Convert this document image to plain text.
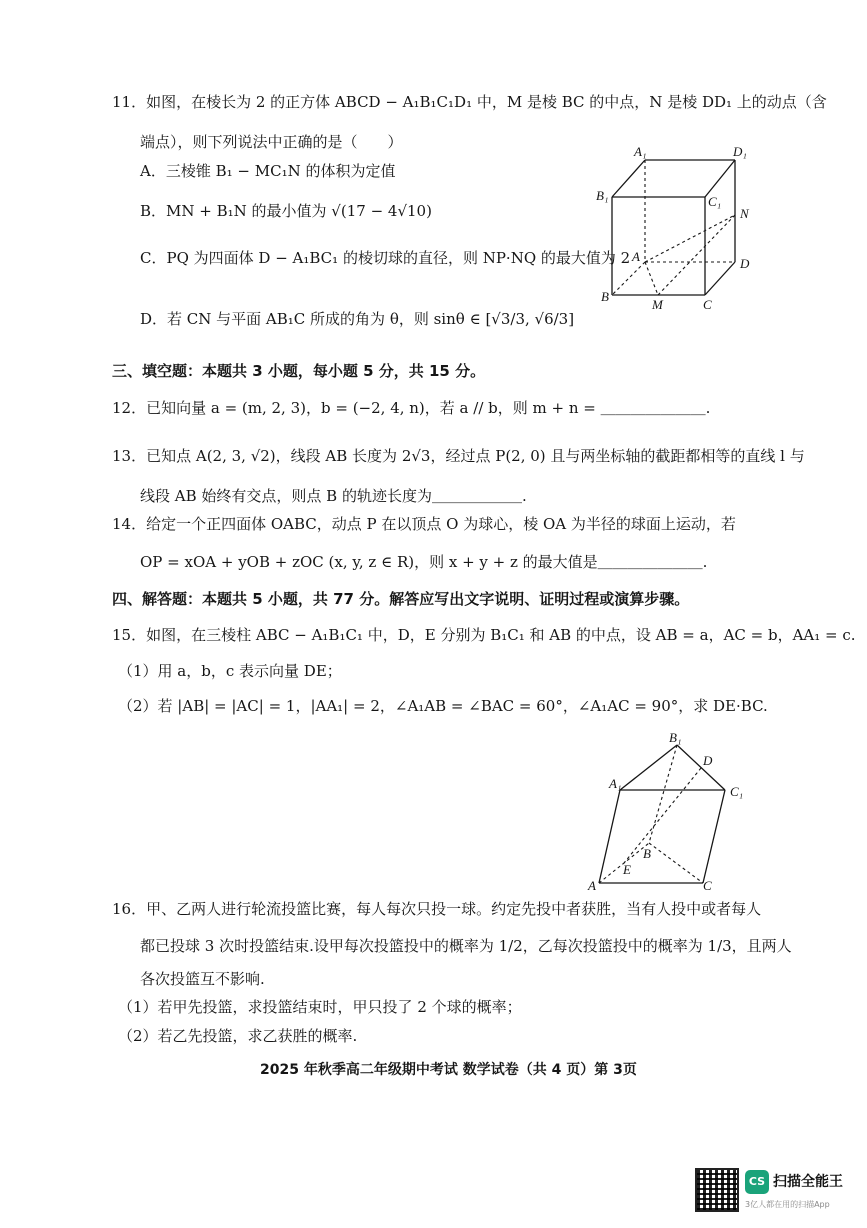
11．如图，在棱长为 2 的正方体 ABCD − A₁B₁C₁D₁ 中，M 是棱 BC 的中点，N 是棱 DD₁ 上的动点（含
端点），则下列说法中正确的是（　　）
A．三棱锥 B₁ − MC₁N 的体积为定值
B．MN + B₁N 的最小值为 √(17 − 4√10)
C．PQ 为四面体 D − A₁BC₁ 的棱切球的直径，则 NP·NQ 的最大值为 2
D．若 CN 与平面 AB₁C 所成的角为 θ，则 sinθ ∈ [√3/3, √6/3]
A₁	D₁
B₁	C₁
N
A	D
B
M	C
三、填空题：本题共 3 小题，每小题 5 分，共 15 分。
12．已知向量 a = (m, 2, 3)，b = (−2, 4, n)，若 a // b，则 m + n = ＿＿＿＿＿＿＿.
13．已知点 A(2, 3, √2)，线段 AB 长度为 2√3，经过点 P(2, 0) 且与两坐标轴的截距都相等的直线 l 与
线段 AB 始终有交点，则点 B 的轨迹长度为＿＿＿＿＿＿.
14．给定一个正四面体 OABC，动点 P 在以顶点 O 为球心，棱 OA 为半径的球面上运动，若
OP = xOA + yOB + zOC (x, y, z ∈ R)，则 x + y + z 的最大值是＿＿＿＿＿＿＿.
四、解答题：本题共 5 小题，共 77 分。解答应写出文字说明、证明过程或演算步骤。
15．如图，在三棱柱 ABC − A₁B₁C₁ 中，D，E 分别为 B₁C₁ 和 AB 的中点，设 AB = a，AC = b，AA₁ = c.
（1）用 a，b，c 表示向量 DE；
（2）若 |AB| = |AC| = 1，|AA₁| = 2，∠A₁AB = ∠BAC = 60°，∠A₁AC = 90°，求 DE·BC.
B₁
D
A₁
C₁
B
E
A	C
16．甲、乙两人进行轮流投篮比赛，每人每次只投一球。约定先投中者获胜，当有人投中或者每人
都已投球 3 次时投篮结束.设甲每次投篮投中的概率为 1/2，乙每次投篮投中的概率为 1/3，且两人
各次投篮互不影响.
（1）若甲先投篮，求投篮结束时，甲只投了 2 个球的概率；
（2）若乙先投篮，求乙获胜的概率.
2025 年秋季高二年级期中考试 数学试卷（共 4 页）第 3页
CS 扫描全能王
3亿人都在用的扫描App
